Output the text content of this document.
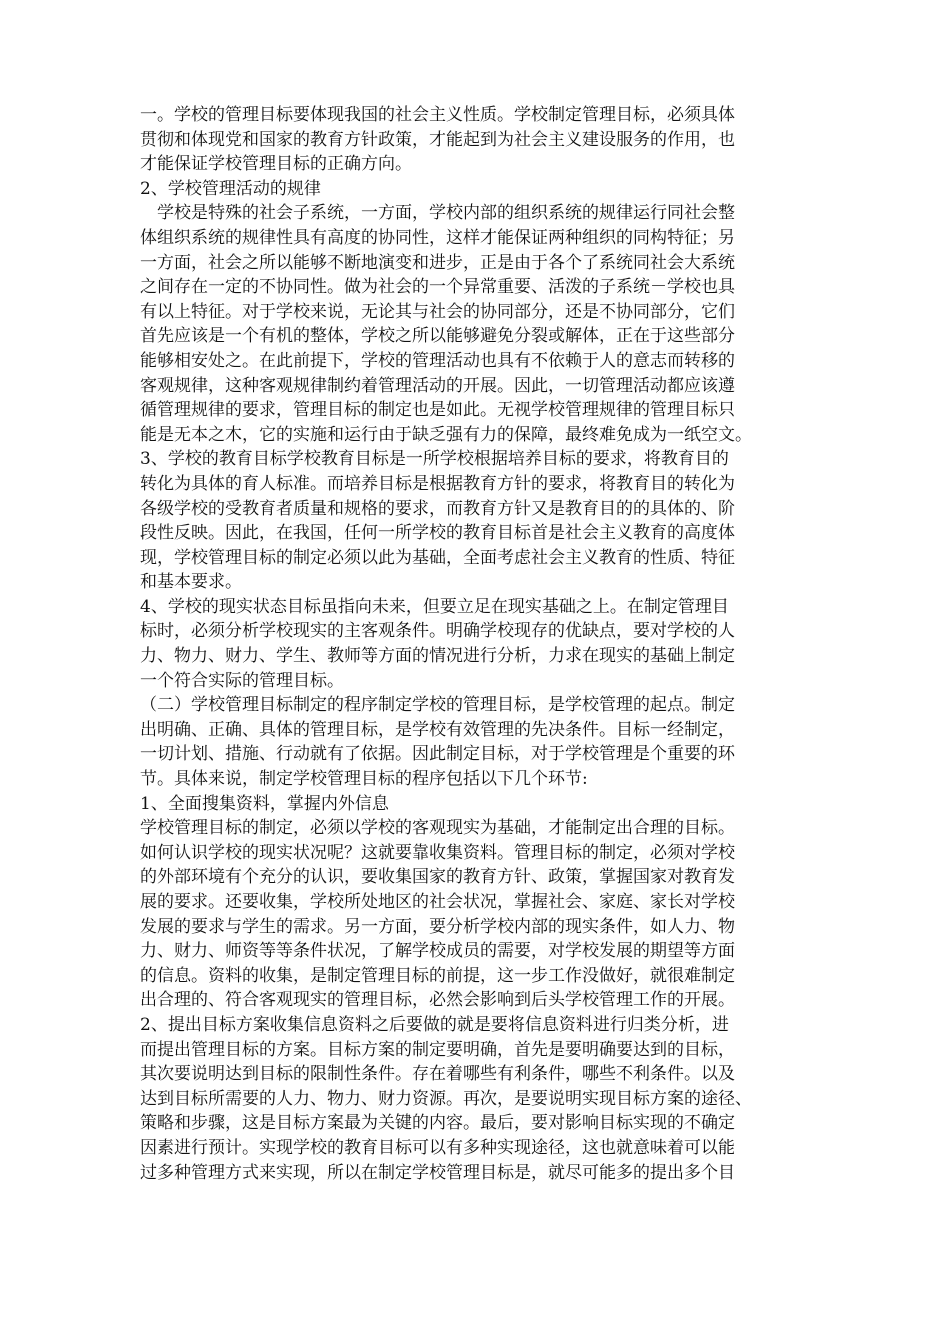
一。学校的管理目标要体现我国的社会主义性质。学校制定管理目标，必须具体
贯彻和体现党和国家的教育方针政策，才能起到为社会主义建设服务的作用，也
才能保证学校管理目标的正确方向。
2、学校管理活动的规律
　学校是特殊的社会子系统，一方面，学校内部的组织系统的规律运行同社会整
体组织系统的规律性具有高度的协同性，这样才能保证两种组织的同构特征；另
一方面，社会之所以能够不断地演变和进步，正是由于各个了系统同社会大系统
之间存在一定的不协同性。做为社会的一个异常重要、活泼的子系统－学校也具
有以上特征。对于学校来说，无论其与社会的协同部分，还是不协同部分，它们
首先应该是一个有机的整体，学校之所以能够避免分裂或解体，正在于这些部分
能够相安处之。在此前提下，学校的管理活动也具有不依赖于人的意志而转移的
客观规律，这种客观规律制约着管理活动的开展。因此，一切管理活动都应该遵
循管理规律的要求，管理目标的制定也是如此。无视学校管理规律的管理目标只
能是无本之木，它的实施和运行由于缺乏强有力的保障，最终难免成为一纸空文。
3、学校的教育目标学校教育目标是一所学校根据培养目标的要求，将教育目的
转化为具体的育人标准。而培养目标是根据教育方针的要求，将教育目的转化为
各级学校的受教育者质量和规格的要求，而教育方针又是教育目的的具体的、阶
段性反映。因此，在我国，任何一所学校的教育目标首是社会主义教育的高度体
现，学校管理目标的制定必须以此为基础，全面考虑社会主义教育的性质、特征
和基本要求。
4、学校的现实状态目标虽指向未来，但要立足在现实基础之上。在制定管理目
标时，必须分析学校现实的主客观条件。明确学校现存的优缺点，要对学校的人
力、物力、财力、学生、教师等方面的情况进行分析，力求在现实的基础上制定
一个符合实际的管理目标。
（二）学校管理目标制定的程序制定学校的管理目标，是学校管理的起点。制定
出明确、正确、具体的管理目标，是学校有效管理的先决条件。目标一经制定，
一切计划、措施、行动就有了依据。因此制定目标，对于学校管理是个重要的环
节。具体来说，制定学校管理目标的程序包括以下几个环节:
1、全面搜集资料，掌握内外信息
学校管理目标的制定，必须以学校的客观现实为基础，才能制定出合理的目标。
如何认识学校的现实状况呢？这就要靠收集资料。管理目标的制定，必须对学校
的外部环境有个充分的认识，要收集国家的教育方针、政策，掌握国家对教育发
展的要求。还要收集，学校所处地区的社会状况，掌握社会、家庭、家长对学校
发展的要求与学生的需求。另一方面，要分析学校内部的现实条件，如人力、物
力、财力、师资等等条件状况，了解学校成员的需要，对学校发展的期望等方面
的信息。资料的收集，是制定管理目标的前提，这一步工作没做好，就很难制定
出合理的、符合客观现实的管理目标，必然会影响到后头学校管理工作的开展。
2、提出目标方案收集信息资料之后要做的就是要将信息资料进行归类分析，进
而提出管理目标的方案。目标方案的制定要明确，首先是要明确要达到的目标，
其次要说明达到目标的限制性条件。存在着哪些有利条件，哪些不利条件。以及
达到目标所需要的人力、物力、财力资源。再次，是要说明实现目标方案的途径、
策略和步骤，这是目标方案最为关键的内容。最后，要对影响目标实现的不确定
因素进行预计。实现学校的教育目标可以有多种实现途径，这也就意味着可以能
过多种管理方式来实现，所以在制定学校管理目标是，就尽可能多的提出多个目
